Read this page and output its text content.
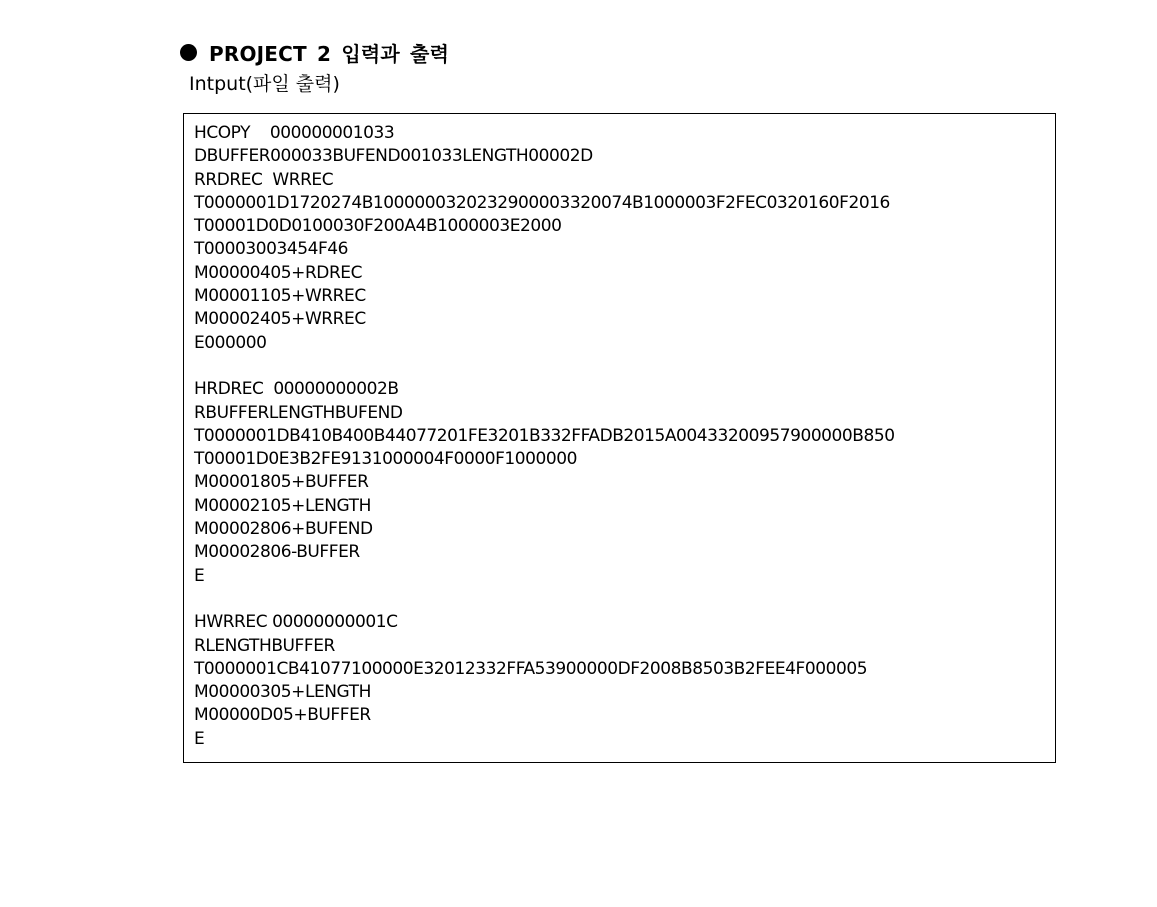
PROJECT 2 입력과 출력
Intput(파일 출력)
HCOPY    000000001033
DBUFFER000033BUFEND001033LENGTH00002D
RRDREC  WRREC
T0000001D1720274B1000000320232900003320074B1000003F2FEC0320160F2016
T00001D0D0100030F200A4B1000003E2000
T00003003454F46
M00000405+RDREC
M00001105+WRREC
M00002405+WRREC
E000000
HRDREC  00000000002B
RBUFFERLENGTHBUFEND
T0000001DB410B400B44077201FE3201B332FFADB2015A00433200957900000B850
T00001D0E3B2FE9131000004F0000F1000000
M00001805+BUFFER
M00002105+LENGTH
M00002806+BUFEND
M00002806-BUFFER
E
HWRREC 00000000001C
RLENGTHBUFFER
T0000001CB41077100000E32012332FFA53900000DF2008B8503B2FEE4F000005
M00000305+LENGTH
M00000D05+BUFFER
E
